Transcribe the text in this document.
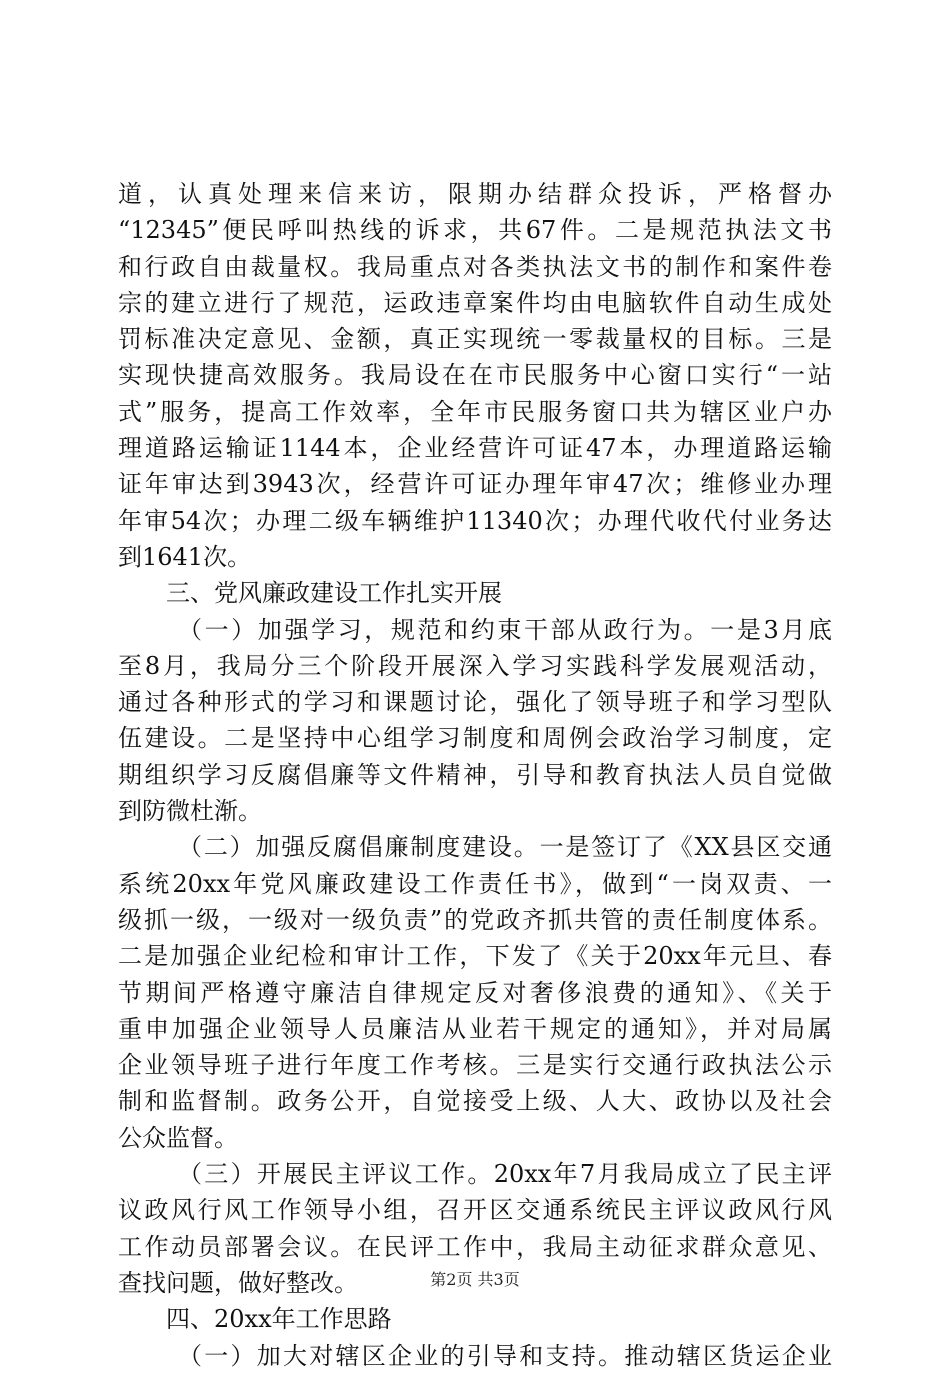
道，认真处理来信来访，限期办结群众投诉，严格督办
“12345”便民呼叫热线的诉求，共67件。二是规范执法文书
和行政自由裁量权。我局重点对各类执法文书的制作和案件卷
宗的建立进行了规范，运政违章案件均由电脑软件自动生成处
罚标准决定意见、金额，真正实现统一零裁量权的目标。三是
实现快捷高效服务。我局设在在市民服务中心窗口实行“一站
式”服务，提高工作效率，全年市民服务窗口共为辖区业户办
理道路运输证1144本，企业经营许可证47本，办理道路运输
证年审达到3943次，经营许可证办理年审47次；维修业办理
年审54次；办理二级车辆维护11340次；办理代收代付业务达
到1641次。
三、党风廉政建设工作扎实开展
（一）加强学习，规范和约束干部从政行为。一是3月底
至8月，我局分三个阶段开展深入学习实践科学发展观活动，
通过各种形式的学习和课题讨论，强化了领导班子和学习型队
伍建设。二是坚持中心组学习制度和周例会政治学习制度，定
期组织学习反腐倡廉等文件精神，引导和教育执法人员自觉做
到防微杜渐。
（二）加强反腐倡廉制度建设。一是签订了《XX县区交通
系统20xx年党风廉政建设工作责任书》，做到“一岗双责、一
级抓一级，一级对一级负责”的党政齐抓共管的责任制度体系。
二是加强企业纪检和审计工作，下发了《关于20xx年元旦、春
节期间严格遵守廉洁自律规定反对奢侈浪费的通知》、《关于
重申加强企业领导人员廉洁从业若干规定的通知》，并对局属
企业领导班子进行年度工作考核。三是实行交通行政执法公示
制和监督制。政务公开，自觉接受上级、人大、政协以及社会
公众监督。
（三）开展民主评议工作。20xx年7月我局成立了民主评
议政风行风工作领导小组，召开区交通系统民主评议政风行风
工作动员部署会议。在民评工作中，我局主动征求群众意见、
查找问题，做好整改。
四、20xx年工作思路
（一）加大对辖区企业的引导和支持。推动辖区货运企业
第2页 共3页
